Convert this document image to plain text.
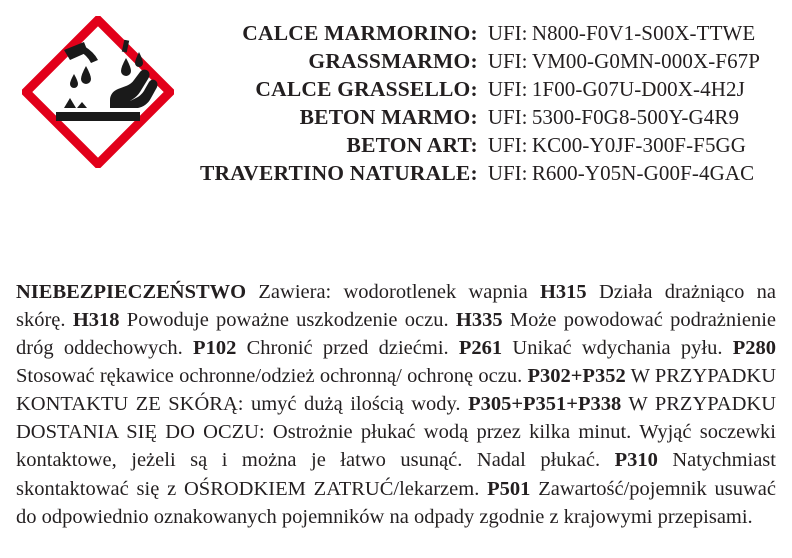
CALCE MARMORINO: UFI: N800-F0V1-S00X-TTWE
GRASSMARMO: UFI: VM00-G0MN-000X-F67P
CALCE GRASSELLO: UFI: 1F00-G07U-D00X-4H2J
BETON MARMO: UFI: 5300-F0G8-500Y-G4R9
BETON ART: UFI: KC00-Y0JF-300F-F5GG
TRAVERTINO NATURALE: UFI: R600-Y05N-G00F-4GAC
NIEBEZPIECZEŃSTWO Zawiera: wodorotlenek wapnia H315 Działa drażniąco na skórę. H318 Powoduje poważne uszkodzenie oczu. H335 Może powodować podrażnienie dróg oddechowych. P102 Chronić przed dziećmi. P261 Unikać wdychania pyłu. P280 Stosować rękawice ochronne/odzież ochronną/ ochronę oczu. P302+P352 W PRZYPADKU KONTAKTU ZE SKÓRĄ: umyć dużą ilością wody. P305+P351+P338 W PRZYPADKU DOSTANIA SIĘ DO OCZU: Ostrożnie płukać wodą przez kilka minut. Wyjąć soczewki kontaktowe, jeżeli są i można je łatwo usunąć. Nadal płukać. P310 Natychmiast skontaktować się z OŚRODKIEM ZATRUĆ/lekarzem. P501 Zawartość/pojemnik usuwać do odpowiednio oznakowanych pojemników na odpady zgodnie z krajowymi przepisami.
